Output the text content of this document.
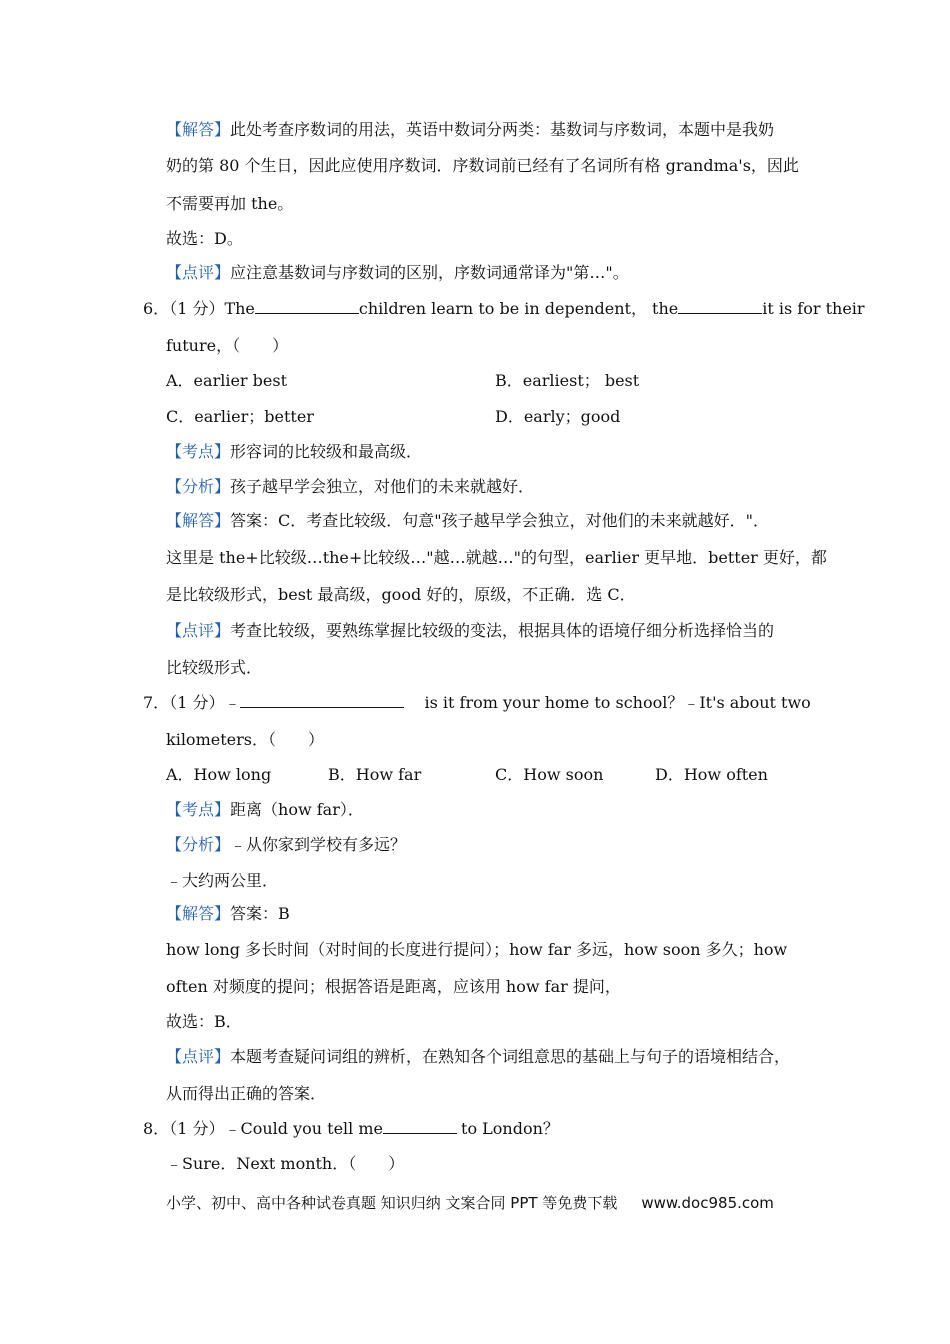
【解答】此处考查序数词的用法，英语中数词分两类：基数词与序数词，本题中是我奶
奶的第 80 个生日，因此应使用序数词．序数词前已经有了名词所有格 grandma's，因此
不需要再加 the。
故选：D。
【点评】应注意基数词与序数词的区别，序数词通常译为"第…"。
6．（1 分）The	children learn to be in dependent， the	it is for their
future，（　　）
A．earlier best	B．earliest； best
C．earlier；better	D．early；good
【考点】形容词的比较级和最高级．
【分析】孩子越早学会独立，对他们的未来就越好．
【解答】答案：C．考查比较级．句意"孩子越早学会独立，对他们的未来就越好．"．
这里是 the+比较级…the+比较级…"越…就越…"的句型，earlier 更早地．better 更好，都
是比较级形式，best 最高级，good 好的，原级，不正确．选 C．
【点评】考查比较级，要熟练掌握比较级的变法，根据具体的语境仔细分析选择恰当的
比较级形式．
7．（1 分）﹣	is it from your home to school？﹣It's about two
kilometers．（　　）
A．How long	B．How far	C．How soon	D．How often
【考点】距离（how far）．
【分析】﹣从你家到学校有多远？
﹣大约两公里．
【解答】答案：B
how long 多长时间（对时间的长度进行提问）；how far 多远，how soon 多久；how
often 对频度的提问；根据答语是距离，应该用 how far 提问，
故选：B．
【点评】本题考查疑问词组的辨析，在熟知各个词组意思的基础上与句子的语境相结合，
从而得出正确的答案．
8．（1 分）﹣Could you tell me	to London？
﹣Sure．Next month．（　　）
小学、初中、高中各种试卷真题 知识归纳 文案合同 PPT 等免费下载 www.doc985.com
